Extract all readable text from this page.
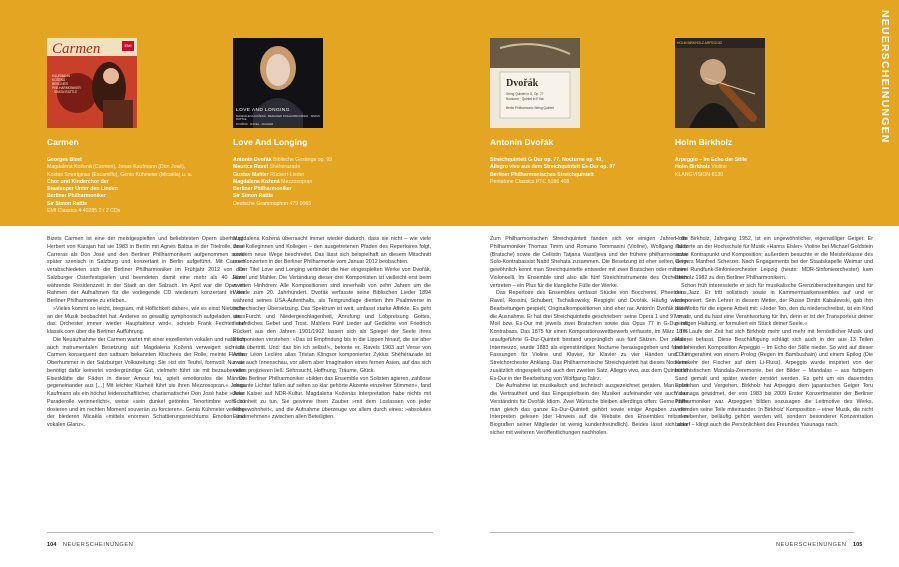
NEUERSCHEINUNGEN
Carmen	EMI
KAUFMANN · KOŽENÁ · BERLINER PHILHARMONIKER · SIMON RATTLE
LOVE AND LONGING
MAGDALENA KOŽENÁ · BERLINER PHILHARMONIKER · SIMON RATTLE
DVOŘÁK · RAVEL · MAHLER
Dvořák
String Quintet in G, Op. 77
Nocturne · Quintet in E flat
Berlin Philharmonic String Quintet
HOLM BIRKHOLZ ARPEGGIO
Carmen

Georges Bizet
Magdalena Kožená (Carmen), Jonas Kaufmann (Don José),
Kostas Smoriginas (Escamillo), Genia Kühmeier (Micaëla) u. a.
Chor und Kinderchor der
Staatsoper Unter den Linden
Berliner Philharmoniker
Sir Simon Rattle
EMI Classics 4 40285 2 / 2 CDs

Love And Longing

Antonín Dvořák Biblische Gesänge op. 99
Maurice Ravel Shéhérazade
Gustav Mahler Rückert-Lieder
Magdalena Kožená Mezzosopran
Berliner Philharmoniker
Sir Simon Rattle
Deutsche Grammophon 479 0065

Antonín Dvořák

Streichquintett G-Dur op. 77, Nocturne op. 40,
Allegro vivo aus dem Streichquintett Es-Dur op. 97
Berliner Philharmonisches Streichquintett
Pentatone Classics PTC 5186 408

Holm Birkholz

Arpeggio – Im Echo der Stille
Holm Birkholz Violine
KLANGVISION 8130

Bizets Carmen ist eine der meistgespielten und beliebtesten Opern überhaupt. Herbert von Karajan hat sie 1983 in Berlin mit Agnes Baltsa in der Titelrolle, José Carreras als Don José und den Berliner Philharmonikern aufgenommen sowie später szenisch in Salzburg und konzertant in Berlin aufgeführt. Mit Carmen verabschiedeten sich die Berliner Philharmoniker im Frühjahr 2012 von den Salzburger Osterfestspielen und beendeten damit eine mehr als 40 Jahre währende Residenzzeit in der Stadt an der Salzach. Im April war die Oper im Rahmen der Aufnahmen für die vorliegende CD wiederum konzertant in der Berliner Philharmonie zu erleben.

»Vieles kommt so leicht, biegsam, mit Höflichkeit daher«, wie es einst Nietzsche an der Musik beobachtet hat. Anderes so gewaltig symphonisch aufgeladen, dass das Orchester immer wieder Hauptakteur wird«, schrieb Frank Fechter auf klassik.com über die Berliner Aufführung.

Die Neuaufnahme der Carmen wartet mit einer exzellenten vokalen und natürlich auch instrumentalen Besetzung auf: Magdalena Kožená verweigert sich als Carmen konsequent den sattsam bekannten Klischees der Rolle, meinte Florian Oberhummer in der Salzburger Volkszeitung: Sie »ist ein Teufel, formvoll: Nur sie benötigt dafür keinerlei vordergründige Gut, vielmehr führt sie mit bezaubernder Eisesklätte die Fäden in dieser Amour fou, spielt emotionslos die Männer gegeneinander aus […] Mit leichter Klarheit führt sie ihren Mezzosopran.« Jonas Kaufmann als ein höchst leidenschaftlicher, charismatischer Don José habe »diese Paraderolle verinnerlicht«, weise »sein dunkel getöntes Tenortimbre wohl zu dosieren und im rechten Moment souverän zu forcieren«. Genia Kühmeier verleihe der biederen Micaëla »mittels enormen Schattierungsreichtums Emotion und vokalen Glanz«.

Magdalena Kožená überrascht immer wieder dadurch, dass sie nicht – wie viele ihrer Kolleginnen und Kollegen – den ausgetretenen Pfaden des Repertoires folgt, sondern neue Wege beschreitet. Das lässt sich beispielhaft an diesem Mitschnitt aus Konzerten in der Berliner Philharmonie vom Januar 2012 beobachten.

Der Titel Love and Longing verbindet die hier eingespielten Werke von Dvořák, Ravel und Mahler. Die Verbindung dieser drei Komponisten ist vielleicht erst beim zweiten Hinhören: Alle Kompositionen sind innerhalb von zehn Jahren um die Wende zum 20. Jahrhundert. Dvořák verfasste seine Biblischen Lieder 1894 während seines USA-Aufenthalts, als Textgrundlage dienten ihm Psalmverse in tschechischer Übersetzung. Das Spektrum ist weit, umfasst starke Affekte. Es geht um Furcht und Niedergeschlagenheit, Anrufung und Lobpreisung Gottes, fiehentliches Gebet und Trost. Mahlers Fünf Lieder auf Gedichte von Friedrich Rückert aus den Jahren 1901/1902 lassen sich als Spiegel der Seele ihres Komponisten verstehen: »Das ist Empfindung bis in die Lippen hinauf, die sie aber nicht übertritt. Und: das bin ich selbst!«, betonte er. Ravels 1903 auf Verse von Arthur Léon Leclère alias Tristan Klingsor komponierter Zyklus Shéhérazade ist zwar auch Innenschau, vor allem aber Imagination eines fernen Asien, auf das sich vieles projizieren ließ: Sehnsucht, Hoffnung, Träume, Glück.

Die Berliner Philharmoniker »bilden das Ensemble von Solisten agieren, zahllose elegante Lichter fallen auf selten so klar gehörte Akzente einzelner Stimmen«, fand Juke Kaiser auf NDR-Kultur. Magdalena Koženás Interpretation habe nichts mit Schönheit zu tun. Sie gewinne ihren Zauber »mit dem Loslassen von jeder Hörgewohnheit«, und die Aufnahme überzeuge vor allem durch eines: »absolutes Einvernehmen« zwischen allen Beteiligten.

Zum Philharmonischen Streichquintett fanden sich vor einigen Jahren die Philharmoniker Thomas Timm und Romano Tommasini (Violine), Wolfgang Talirz (Bratsche) sowie die Cellistin Tatjana Vassiljeva und der frühere philharmonische Solo-Kontrabassist Nabil Shehata zusammen. Die Besetzung ist eher selten, denn gewöhnlich kennt man Streichquintette entweder mit zwei Bratschen oder mit zwei Violoncelli. Im Ensemble sind also alle fünf Streichinstrumente des Orchesters vertreten – ein Plus für die klangliche Fülle der Werke.

Das Repertoire des Ensembles umfasst Stücke von Boccherini, Pheetorius, Ravel, Rossini, Schubert, Tschaikowsky, Respighi und Dvořák. Häufig werden Bearbeitungen gespielt, Originalkompositionen sind eher rar. Antonín Dvořák bildet die Ausnahme. Er hat drei Streichquintette geschrieben: seine Opera 1 und 97 in a-Moll bzw. Es-Dur mit jeweils zwei Bratschen sowie das Opus 77 in G-Dur mit Kontrabass. Das 1875 für einen Kompositionswettbewerb verfasste, im März 1876 uraufgeführte G-Dur-Quintett bestand ursprünglich aus fünf Sätzen. Der zweite, Intermezzo, wurde 1883 als eigenständiges Nocturne herausgegeben und fand in Fassungen für Violine und Klavier, für Klavier zu vier Händen und für Streichorchester Anklang. Das Philharmonische Streichquintett hat dieses Nocturne zusätzlich eingespielt und auch den zweiten Satz, Allegro vivo, aus dem Quintett in Es-Dur in der Bearbeitung von Wolfgang Talirz.

Die Aufnahme ist musikalisch und technisch ausgezeichnet geraten. Man spürt die Vertrautheit und das Eingespieltsein der Musiker aufeinander wie auch das Verständnis für Dvořák Idiom. Zwei Wünsche bleiben allerdings offen: Gerne hätte man gleich das ganze Es-Dur-Quintett gehört sowie einige Angaben zu den Interpreten gelesen (der Hinweis auf die Website des Ensembles mit den Biografien seiner Mitglieder ist wenig kundenfreundlich). Beides lässt sich aber sicher mit weiteren Veröffentlichungen nachholen.

Holm Birkholz, Jahrgang 1952, ist ein ungewöhnlicher, eigenwilliger Geiger. Er studierte an der Hochschule für Musik »Hanns Eisler« Violine bei Michael Goldstein sowie Kontrapunkt und Komposition; außerdem besuchte er die Meisterklasse des Geigers Manfred Scherzer. Nach Engagements bei der Staatskapelle Weimar und beim Rundfunk-Sinfonieorchester Leipzig (heute: MDR-Sinfonieorchester) kam Birkholz 1982 zu den Berliner Philharmonikern.

Schon früh interessierte er sich für musikalische Grenzüberschreitungen und für den Jazz. Er tritt solistisch sowie in Kammermusikensembles auf und er komponiert. Sein Lehrer in diesem Metier, der Russe Dmitri Kabalewski, gab ihm das Motto für die eigene Arbeit mit: »Jeder Ton, den du niederschreibst, ist ein Kind von dir, und du hast eine Verantwortung für ihn, denn er ist der Transporteur deiner geistigen Haltung, er formuliert ein Stück deiner Seele.«

Im Laufe der Zeit hat sich Birkholz mehr und mehr mit fernöstlicher Musik und Malerei befasst. Diese Beschäftigung schlägt sich auch in der aus 13 Teilen bestehenden Komposition Arpeggio – Im Echo der Stille nieder. So wird auf dieser CD eingerahmt von einem Prolog (Regen im Bambushain) und einem Epilog (Die Heimkehr der Fischer auf dem Li-Fluss). Arpeggio wurde inspiriert von der buddhistischen Mandala-Zeremonie, bei der Bilder – Mandalas – aus farbigem Sand gemalt und später wieder zerstört werden. Es geht um ein dauerndes Entstehen und Vergehen. Birkholz hat Arpeggio dem japanischen Geiger Toru Yasunaga gewidmet, der von 1983 bis 2009 Erster Konzertmeister der Berliner Philharmoniker war. Arpeggien bilden sozusagen die Leitmotive des Werks, verbinden seine Teile miteinander. In Birkholz' Komposition – einer Musik, die nicht so nebenher, beiläufig gehört werden will, sondern besonderer Konzentration bedarf – klingt auch die Persönlichkeit des Freundes Yasunaga nach.

104 NEUERSCHEINUNGEN	NEUERSCHEINUNGEN 105
